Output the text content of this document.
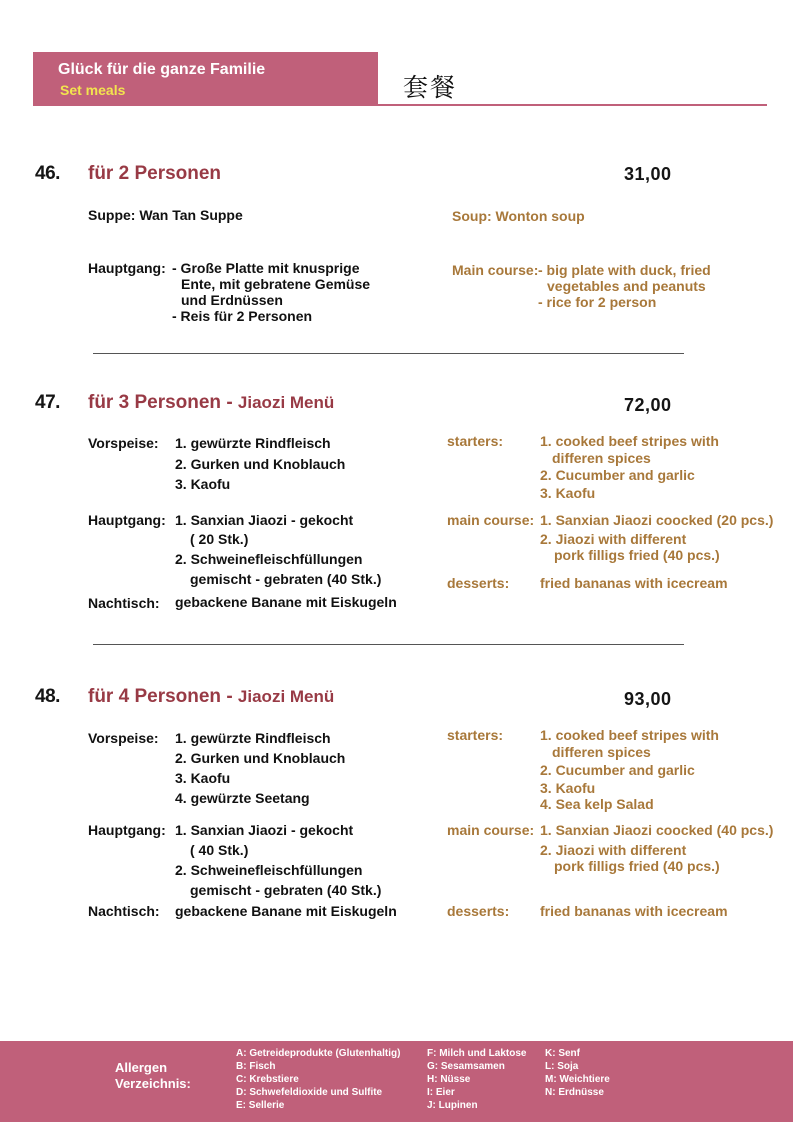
Glück für die ganze Familie
Set meals	套餐
46. für 2 Personen	31,00
Suppe: Wan Tan Suppe	Soup: Wonton soup
Hauptgang: - Große Platte mit knusprige
Ente, mit gebratene Gemüse
und Erdnüssen
- Reis für 2 Personen
Main course: - big plate with duck, fried
vegetables and peanuts
- rice for 2 person
47. für 3 Personen - Jiaozi Menü	72,00
Vorspeise: 1. gewürzte Rindfleisch
2. Gurken und Knoblauch
3. Kaofu
starters:	1. cooked beef stripes with
differen spices
2. Cucumber and garlic
3. Kaofu
Hauptgang: 1. Sanxian Jiaozi - gekocht
( 20 Stk.)
2. Schweinefleischfüllungen
gemischt - gebraten (40 Stk.)
main course: 1. Sanxian Jiaozi coocked (20 pcs.)
2. Jiaozi with different
pork filligs fried (40 pcs.)
desserts: fried bananas with icecream
Nachtisch: gebackene Banane mit Eiskugeln
48. für 4 Personen - Jiaozi Menü	93,00
Vorspeise: 1. gewürzte Rindfleisch
2. Gurken und Knoblauch
3. Kaofu
4. gewürzte Seetang
starters:	1. cooked beef stripes with
differen spices
2. Cucumber and garlic
3. Kaofu
4. Sea kelp Salad
Hauptgang: 1. Sanxian Jiaozi - gekocht
( 40 Stk.)
2. Schweinefleischfüllungen
gemischt - gebraten (40 Stk.)
main course: 1. Sanxian Jiaozi coocked (40 pcs.)
2. Jiaozi with different
pork filligs fried (40 pcs.)
Nachtisch: gebackene Banane mit Eiskugeln	desserts: fried bananas with icecream
Allergen
Verzeichnis:
A: Getreideprodukte (Glutenhaltig)
B: Fisch
C: Krebstiere
D: Schwefeldioxide und Sulfite
E: Sellerie
F: Milch und Laktose
G: Sesamsamen
H: Nüsse
I: Eier
J: Lupinen
K: Senf
L: Soja
M: Weichtiere
N: Erdnüsse
